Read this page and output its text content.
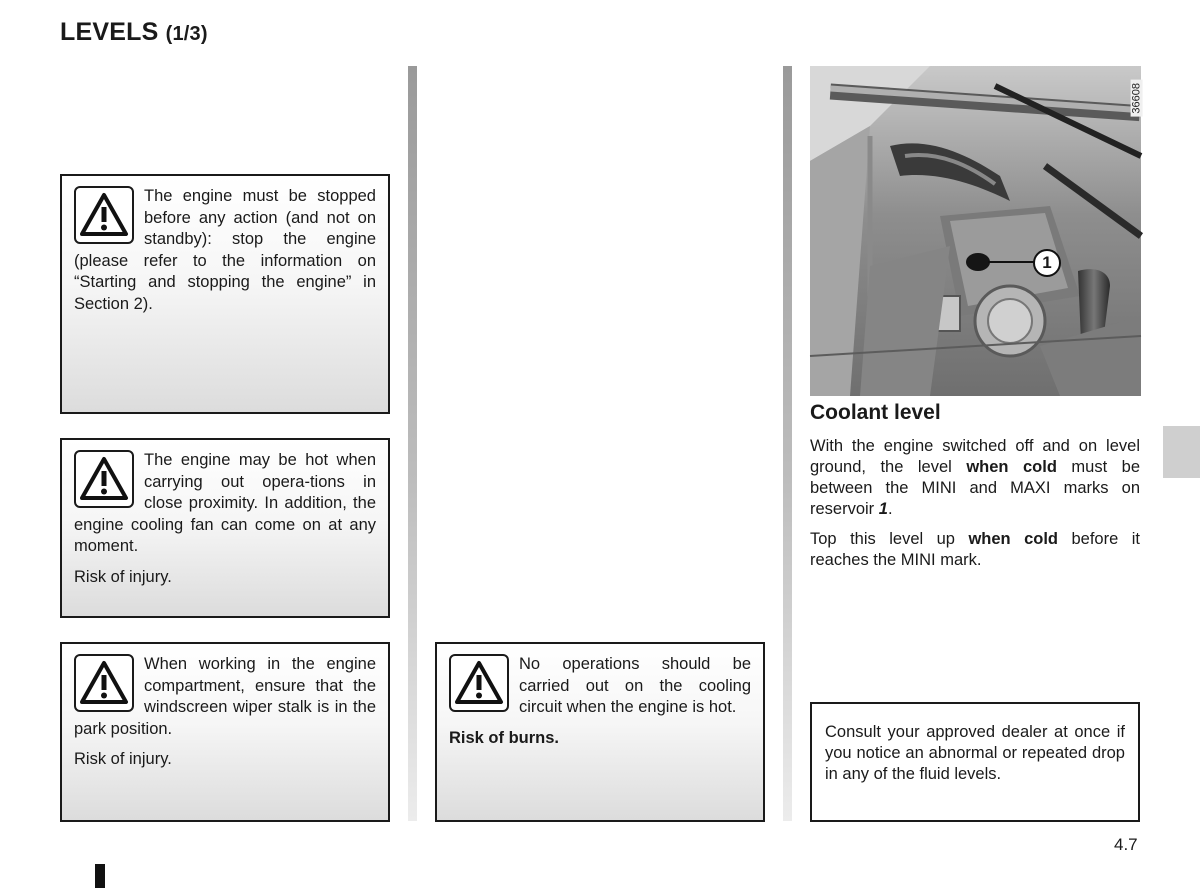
LEVELS (1/3)

The engine must be stopped before any action (and not on standby): stop the engine (please refer to the information on “Starting and stopping the engine” in Section 2).

The engine may be hot when carrying out opera-tions in close proximity. In addition, the engine cooling fan can come on at any moment.

Risk of injury.

When working in the engine compartment, ensure that the windscreen wiper stalk is in the park position.

Risk of injury.

No operations should be carried out on the cooling circuit when the engine is hot.

Risk of burns.

36608
1
Coolant level

With the engine switched off and on level ground, the level when cold must be between the MINI and MAXI marks on reservoir 1.

Top this level up when cold before it reaches the MINI mark.

Consult your approved dealer at once if you notice an abnormal or repeated drop in any of the fluid levels.
4.7
